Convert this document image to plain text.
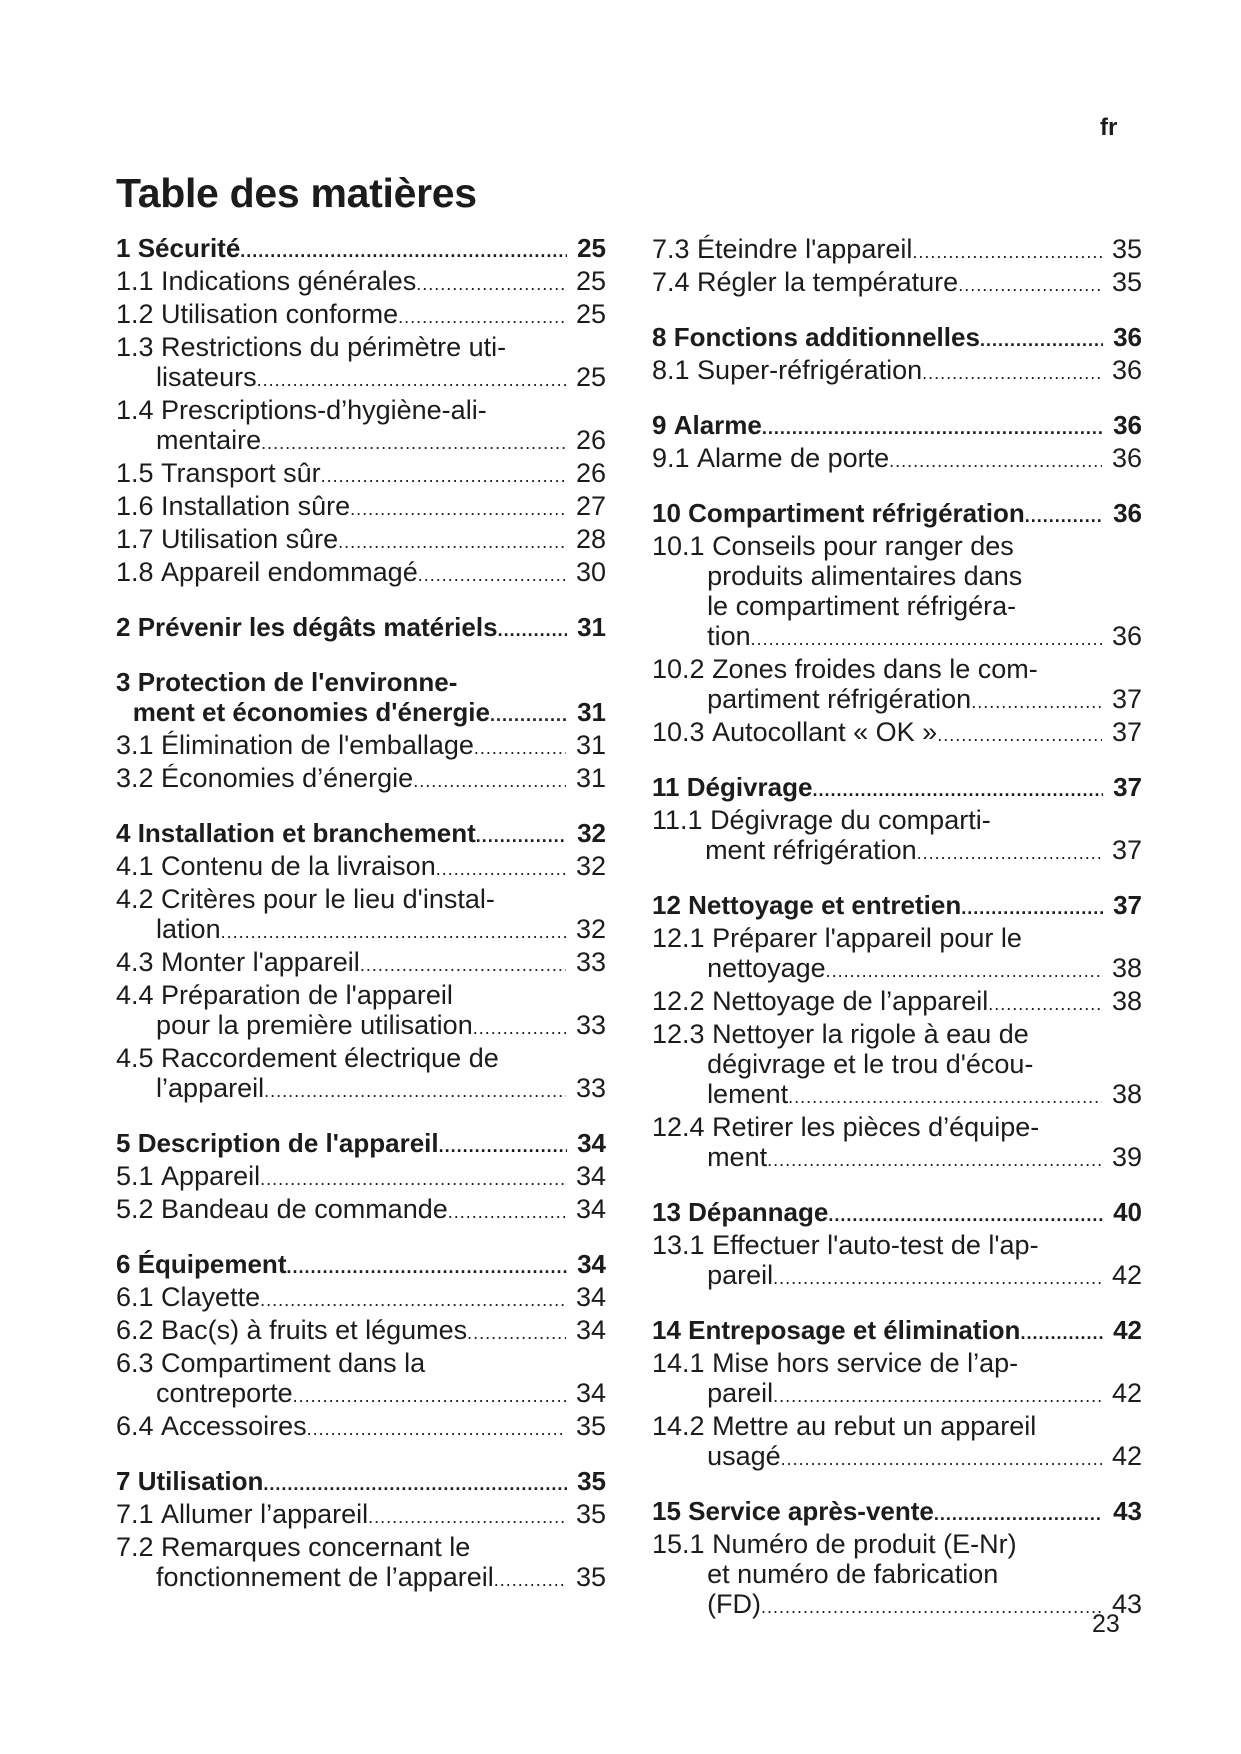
fr
Table des matières
1 Sécurité .....	25
1.1 Indications générales .....	25
1.2 Utilisation conforme .....	25
1.3 Restrictions du périmètre uti-
lisateurs .....	25
1.4 Prescriptions-d’hygiène-ali-
mentaire .....	26
1.5 Transport sûr .....	26
1.6 Installation sûre .....	27
1.7 Utilisation sûre .....	28
1.8 Appareil endommagé .....	30
2 Prévenir les dégâts matériels .....	31
3 Protection de l'environne-
ment et économies d'énergie .....	31
3.1 Élimination de l'emballage .....	31
3.2 Économies d’énergie .....	31
4 Installation et branchement .....	32
4.1 Contenu de la livraison .....	32
4.2 Critères pour le lieu d'instal-
lation .....	32
4.3 Monter l'appareil .....	33
4.4 Préparation de l'appareil
pour la première utilisation .....	33
4.5 Raccordement électrique de
l’appareil .....	33
5 Description de l'appareil .....	34
5.1 Appareil .....	34
5.2 Bandeau de commande .....	34
6 Équipement .....	34
6.1 Clayette .....	34
6.2 Bac(s) à fruits et légumes .....	34
6.3 Compartiment dans la
contreporte .....	34
6.4 Accessoires .....	35
7 Utilisation .....	35
7.1 Allumer l’appareil .....	35
7.2 Remarques concernant le
fonctionnement de l’appareil .....	35
7.3 Éteindre l'appareil .....	35
7.4 Régler la température .....	35
8 Fonctions additionnelles .....	36
8.1 Super-réfrigération .....	36
9 Alarme .....	36
9.1 Alarme de porte .....	36
10 Compartiment réfrigération .....	36
10.1 Conseils pour ranger des
produits alimentaires dans
le compartiment réfrigéra-
tion .....	36
10.2 Zones froides dans le com-
partiment réfrigération .....	37
10.3 Autocollant « OK » .....	37
11 Dégivrage .....	37
11.1 Dégivrage du comparti-
ment réfrigération .....	37
12 Nettoyage et entretien .....	37
12.1 Préparer l'appareil pour le
nettoyage .....	38
12.2 Nettoyage de l’appareil .....	38
12.3 Nettoyer la rigole à eau de
dégivrage et le trou d'écou-
lement .....	38
12.4 Retirer les pièces d’équipe-
ment .....	39
13 Dépannage .....	40
13.1 Effectuer l'auto-test de l'ap-
pareil .....	42
14 Entreposage et élimination .....	42
14.1 Mise hors service de l’ap-
pareil .....	42
14.2 Mettre au rebut un appareil
usagé .....	42
15 Service après-vente .....	43
15.1 Numéro de produit (E-Nr)
et numéro de fabrication
(FD) .....	43
23
